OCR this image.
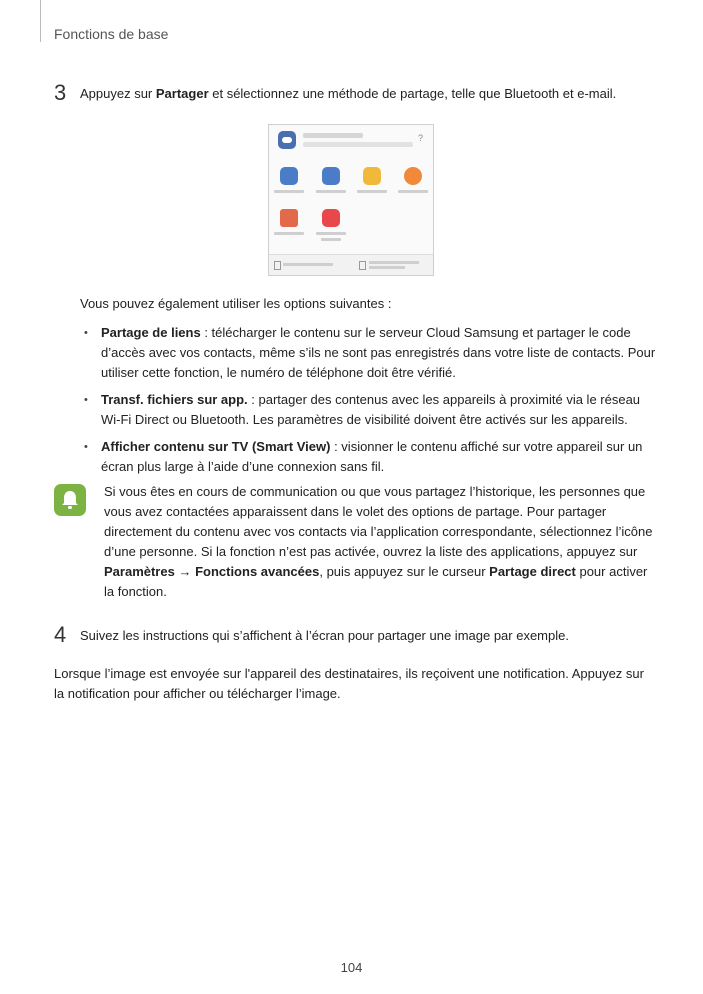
Fonctions de base
3 Appuyez sur Partager et sélectionnez une méthode de partage, telle que Bluetooth et e-mail.
?
Vous pouvez également utiliser les options suivantes :
• Partage de liens : télécharger le contenu sur le serveur Cloud Samsung et partager le code d’accès avec vos contacts, même s’ils ne sont pas enregistrés dans votre liste de contacts. Pour utiliser cette fonction, le numéro de téléphone doit être vérifié.
• Transf. fichiers sur app. : partager des contenus avec les appareils à proximité via le réseau Wi-Fi Direct ou Bluetooth. Les paramètres de visibilité doivent être activés sur les appareils.
• Afficher contenu sur TV (Smart View) : visionner le contenu affiché sur votre appareil sur un écran plus large à l’aide d’une connexion sans fil.
Si vous êtes en cours de communication ou que vous partagez l’historique, les personnes que vous avez contactées apparaissent dans le volet des options de partage. Pour partager directement du contenu avec vos contacts via l’application correspondante, sélectionnez l’icône d’une personne. Si la fonction n’est pas activée, ouvrez la liste des applications, appuyez sur Paramètres → Fonctions avancées, puis appuyez sur le curseur Partage direct pour activer la fonction.
4 Suivez les instructions qui s’affichent à l’écran pour partager une image par exemple.
Lorsque l’image est envoyée sur l'appareil des destinataires, ils reçoivent une notification. Appuyez sur la notification pour afficher ou télécharger l’image.
104
